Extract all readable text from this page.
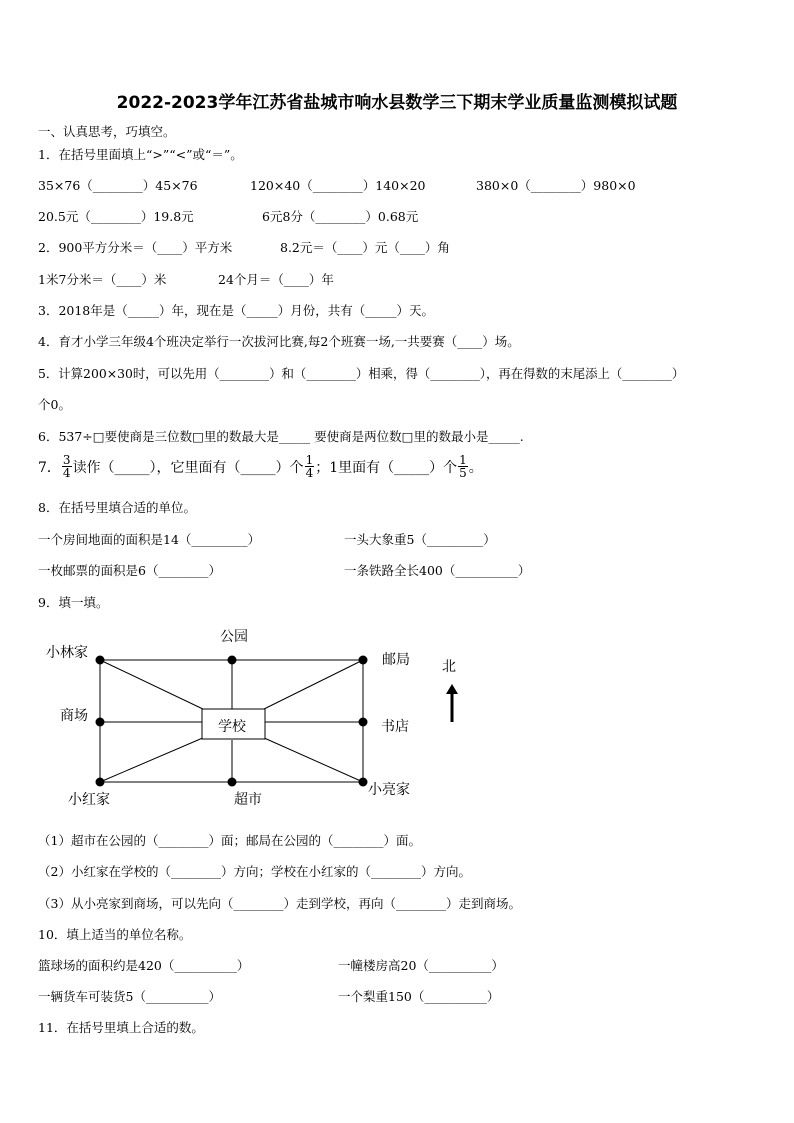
2022-2023学年江苏省盐城市响水县数学三下期末学业质量监测模拟试题
一、认真思考，巧填空。
1．在括号里面填上“>”“<”或“＝”。
35×76（________）45×76	120×40（________）140×20	380×0（________）980×0
20.5元（________）19.8元	6元8分（________）0.68元
2．900平方分米＝（____）平方米	8.2元＝（____）元（____）角
1米7分米＝（____）米	24个月＝（____）年
3．2018年是（_____）年，现在是（_____）月份，共有（_____）天。
4．育才小学三年级4个班决定举行一次拔河比赛,每2个班赛一场,一共要赛（____）场。
5．计算200×30时，可以先用（________）和（________）相乘，得（________），再在得数的末尾添上（________）
个0。
6．537÷□要使商是三位数□里的数最大是_____ 要使商是两位数□里的数最小是_____.
7． $\frac{3}{4}$ 读作（_____），它里面有（_____）个 $\frac{1}{4}$ ；1里面有（_____）个 $\frac{1}{5}$ 。
8．在括号里填合适的单位。
一个房间地面的面积是14（_________）	一头大象重5（_________）
一枚邮票的面积是6（________）	一条铁路全长400（__________）
9．填一填。
公园
小林家	邮局 北
商场
学校	书店
小红家	超市
小亮家
（1）超市在公园的（________）面；邮局在公园的（________）面。
（2）小红家在学校的（________）方向；学校在小红家的（________）方向。
（3）从小亮家到商场，可以先向（________）走到学校，再向（________）走到商场。
10．填上适当的单位名称。
篮球场的面积约是420（__________）	一幢楼房高20（__________）
一辆货车可装货5（__________）	一个梨重150（__________）
11．在括号里填上合适的数。
